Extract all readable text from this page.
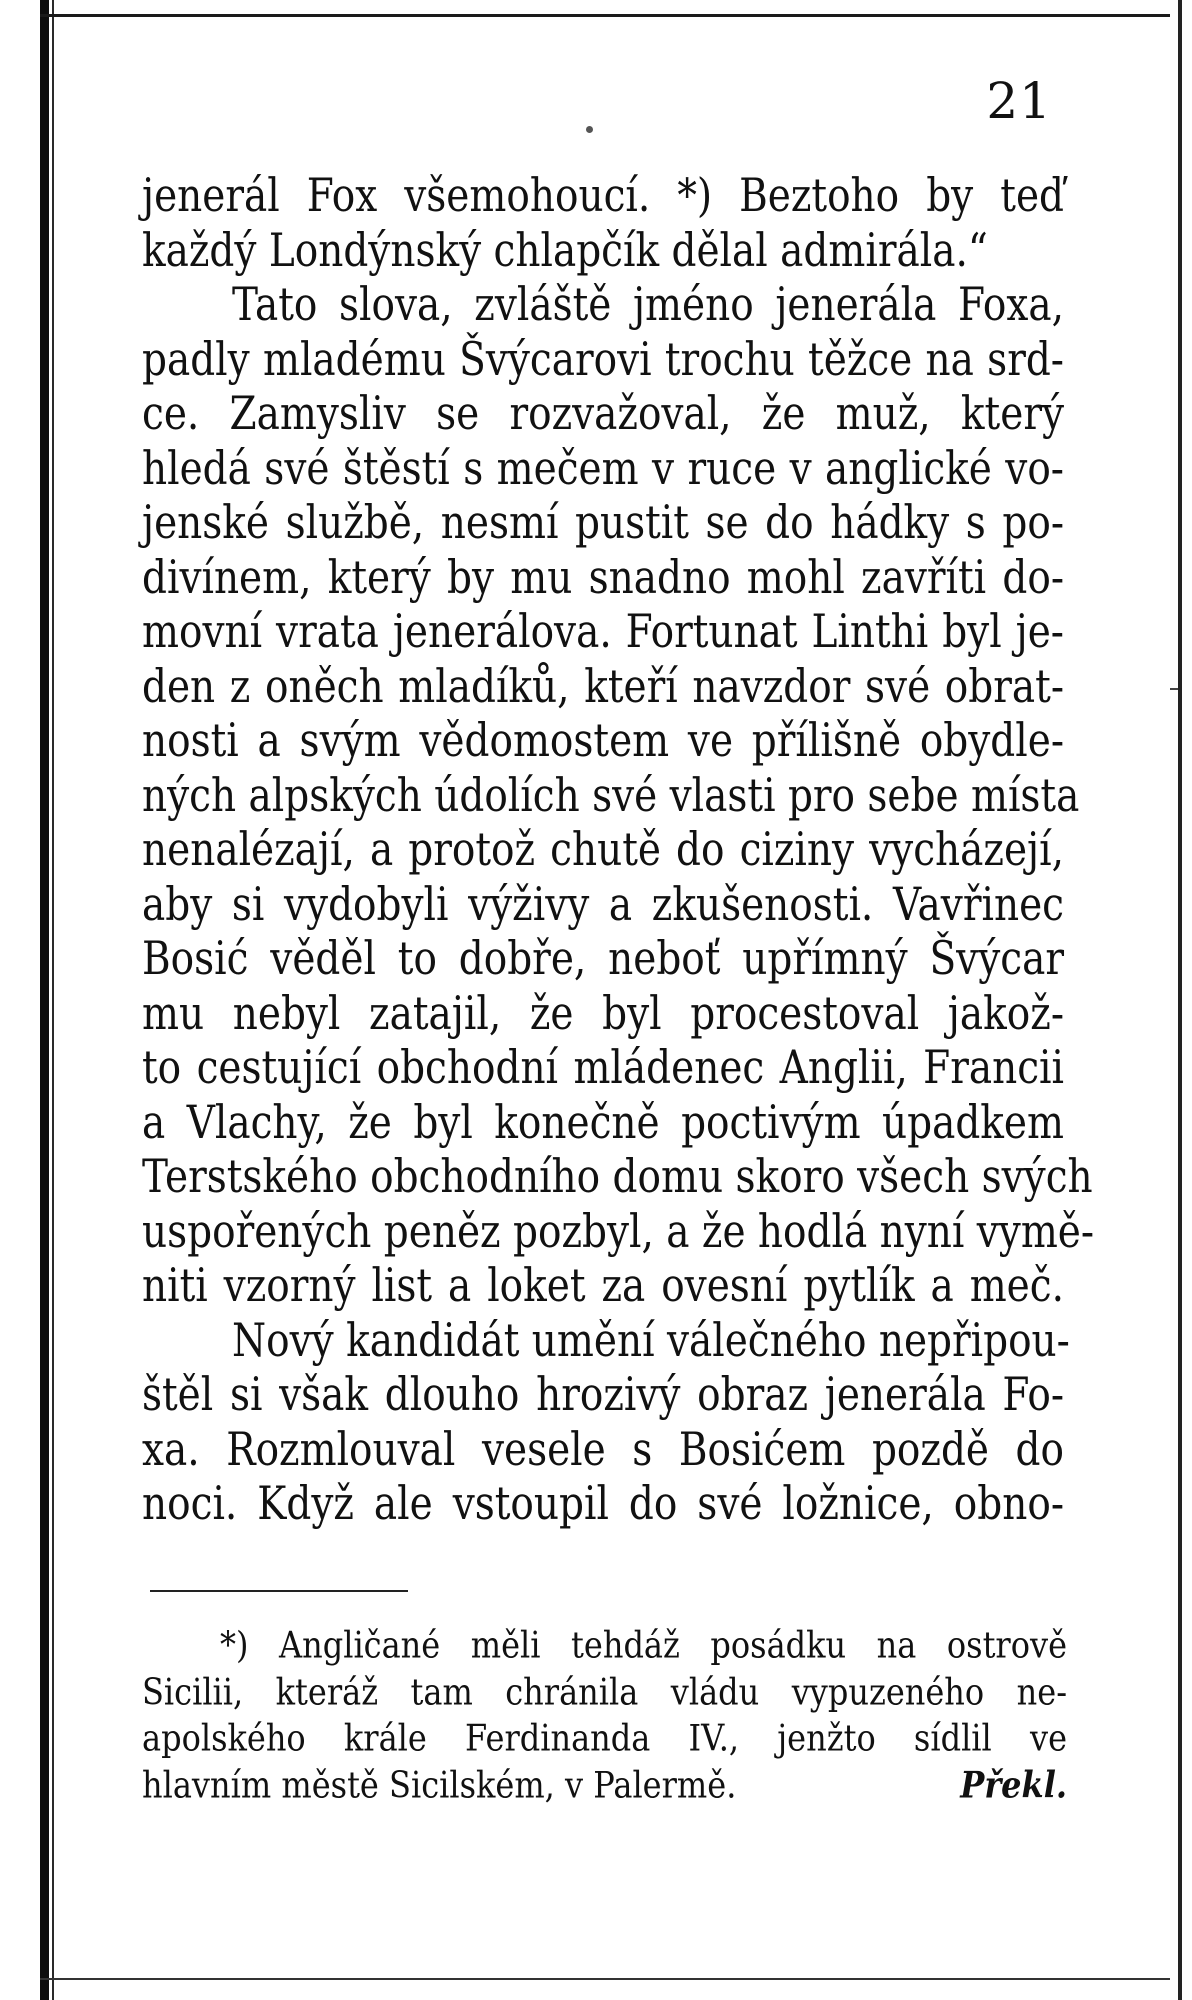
21
jenerál Fox všemohoucí. *) Beztoho by teď
každý Londýnský chlapčík dělal admirála.“
Tato slova, zvláště jméno jenerála Foxa,
padly mladému Švýcarovi trochu těžce na srd-
ce. Zamysliv se rozvažoval, že muž, který
hledá své štěstí s mečem v ruce v anglické vo-
jenské službě, nesmí pustit se do hádky s po-
divínem, který by mu snadno mohl zavříti do-
movní vrata jenerálova. Fortunat Linthi byl je-
den z oněch mladíků, kteří navzdor své obrat-
nosti a svým vědomostem ve přílišně obydle-
ných alpských údolích své vlasti pro sebe místa
nenalézají, a protož chutě do ciziny vycházejí,
aby si vydobyli výživy a zkušenosti. Vavřinec
Bosić věděl to dobře, neboť upřímný Švýcar
mu nebyl zatajil, že byl procestoval jakož-
to cestující obchodní mládenec Anglii, Francii
a Vlachy, že byl konečně poctivým úpadkem
Terstského obchodního domu skoro všech svých
uspořených peněz pozbyl, a že hodlá nyní vymě-
niti vzorný list a loket za ovesní pytlík a meč.
Nový kandidát umění válečného nepřipou-
štěl si však dlouho hrozivý obraz jenerála Fo-
xa. Rozmlouval vesele s Bosićem pozdě do
noci. Když ale vstoupil do své ložnice, obno-
*) Angličané měli tehdáž posádku na ostrově
Sicilii, kteráž tam chránila vládu vypuzeného ne-
apolského krále Ferdinanda IV., jenžto sídlil ve
hlavním městě Sicilském, v Palermě.	Překl.
